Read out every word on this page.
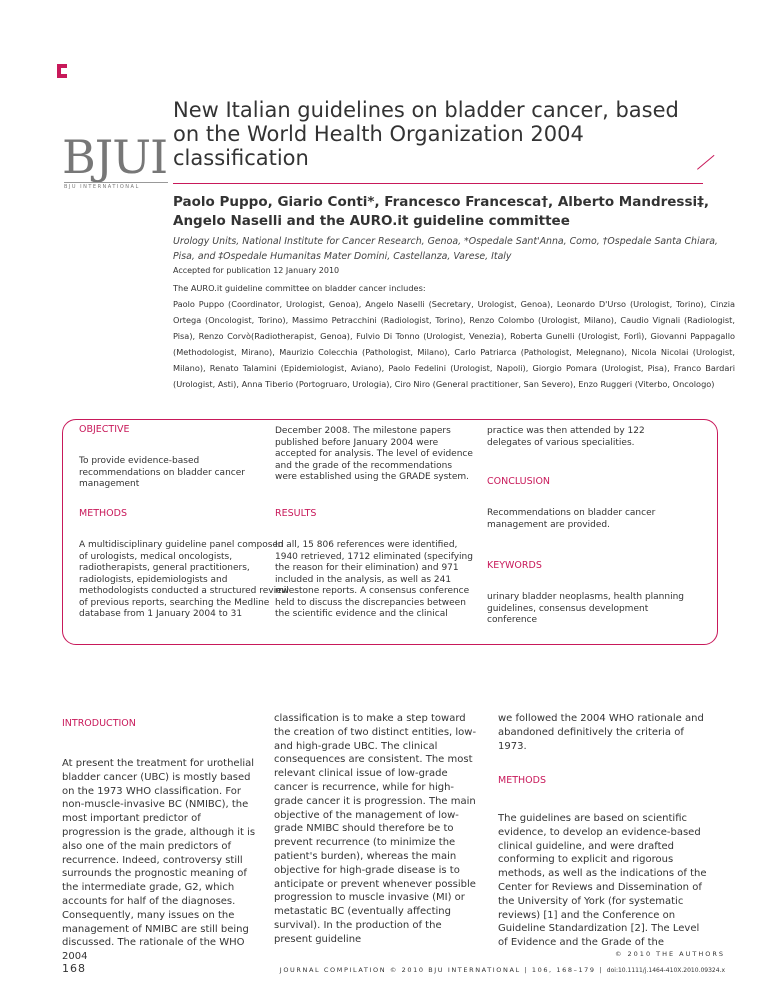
BJUI
BJU INTERNATIONAL
New Italian guidelines on bladder cancer, based on the World Health Organization 2004 classification
Paolo Puppo, Giario Conti*, Francesco Francesca†, Alberto Mandressi‡, Angelo Naselli and the AURO.it guideline committee
Urology Units, National Institute for Cancer Research, Genoa, *Ospedale Sant'Anna, Como, †Ospedale Santa Chiara, Pisa, and ‡Ospedale Humanitas Mater Domini, Castellanza, Varese, Italy
Accepted for publication 12 January 2010
The AURO.it guideline committee on bladder cancer includes:
Paolo Puppo (Coordinator, Urologist, Genoa), Angelo Naselli (Secretary, Urologist, Genoa), Leonardo D'Urso (Urologist, Torino), Cinzia Ortega (Oncologist, Torino), Massimo Petracchini (Radiologist, Torino), Renzo Colombo (Urologist, Milano), Caudio Vignali (Radiologist, Pisa), Renzo Corvò(Radiotherapist, Genoa), Fulvio Di Tonno (Urologist, Venezia), Roberta Gunelli (Urologist, Forlì), Giovanni Pappagallo (Methodologist, Mirano), Maurizio Colecchia (Pathologist, Milano), Carlo Patriarca (Pathologist, Melegnano), Nicola Nicolai (Urologist, Milano), Renato Talamini (Epidemiologist, Aviano), Paolo Fedelini (Urologist, Napoli), Giorgio Pomara (Urologist, Pisa), Franco Bardari (Urologist, Asti), Anna Tiberio (Portogruaro, Urologia), Ciro Niro (General practitioner, San Severo), Enzo Ruggeri (Viterbo, Oncologo)
OBJECTIVE
To provide evidence-based recommendations on bladder cancer management
METHODS
A multidisciplinary guideline panel composed of urologists, medical oncologists, radiotherapists, general practitioners, radiologists, epidemiologists and methodologists conducted a structured review of previous reports, searching the Medline database from 1 January 2004 to 31
December 2008. The milestone papers published before January 2004 were accepted for analysis. The level of evidence and the grade of the recommendations were established using the GRADE system.
RESULTS
In all, 15 806 references were identified, 1940 retrieved, 1712 eliminated (specifying the reason for their elimination) and 971 included in the analysis, as well as 241 milestone reports. A consensus conference held to discuss the discrepancies between the scientific evidence and the clinical
practice was then attended by 122 delegates of various specialities.
CONCLUSION
Recommendations on bladder cancer management are provided.
KEYWORDS
urinary bladder neoplasms, health planning guidelines, consensus development conference
INTRODUCTION
At present the treatment for urothelial bladder cancer (UBC) is mostly based on the 1973 WHO classification. For non-muscle-invasive BC (NMIBC), the most important predictor of progression is the grade, although it is also one of the main predictors of recurrence. Indeed, controversy still surrounds the prognostic meaning of the intermediate grade, G2, which accounts for half of the diagnoses. Consequently, many issues on the management of NMIBC are still being discussed. The rationale of the WHO 2004
classification is to make a step toward the creation of two distinct entities, low- and high-grade UBC. The clinical consequences are consistent. The most relevant clinical issue of low-grade cancer is recurrence, while for high-grade cancer it is progression. The main objective of the management of low-grade NMIBC should therefore be to prevent recurrence (to minimize the patient's burden), whereas the main objective for high-grade disease is to anticipate or prevent whenever possible progression to muscle invasive (MI) or metastatic BC (eventually affecting survival). In the production of the present guideline
we followed the 2004 WHO rationale and abandoned definitively the criteria of 1973.
METHODS
The guidelines are based on scientific evidence, to develop an evidence-based clinical guideline, and were drafted conforming to explicit and rigorous methods, as well as the indications of the Center for Reviews and Dissemination of the University of York (for systematic reviews) [1] and the Conference on Guideline Standardization [2]. The Level of Evidence and the Grade of the
168
© 2010 THE AUTHORS
JOURNAL COMPILATION © 2010 BJU INTERNATIONAL | 106, 168–179 | doi:10.1111/j.1464-410X.2010.09324.x
